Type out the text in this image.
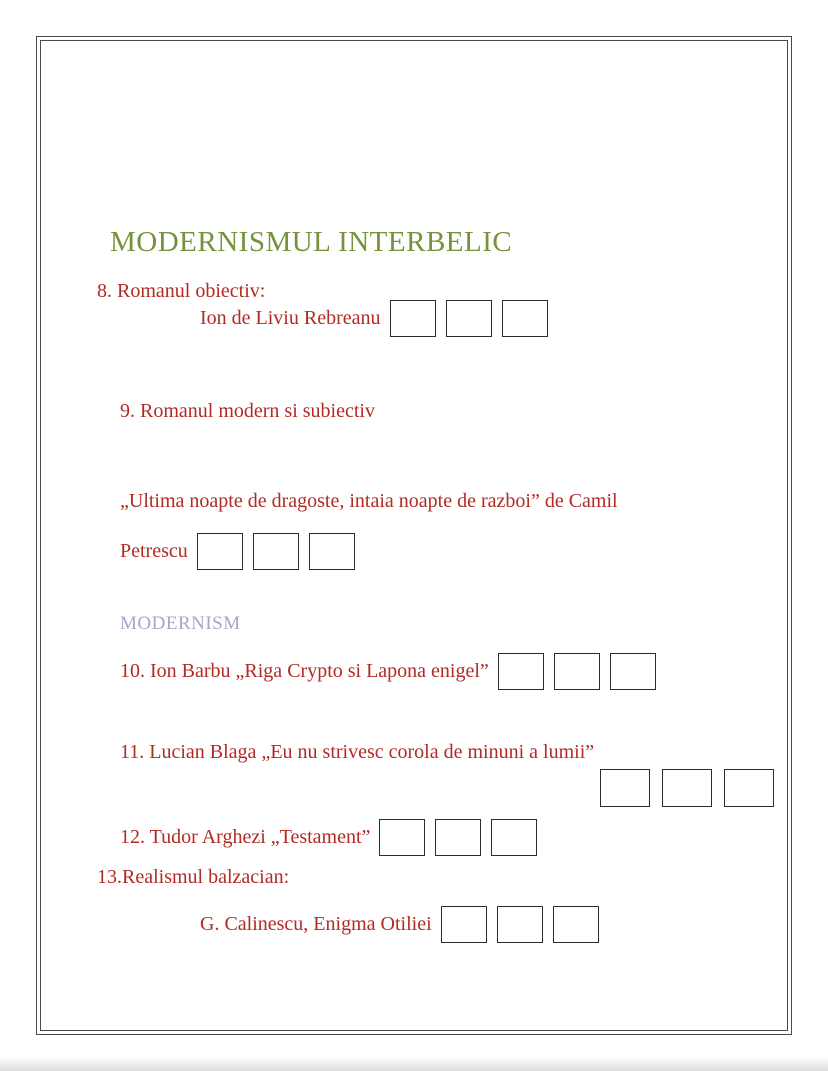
MODERNISMUL INTERBELIC
8. Romanul obiectiv:
Ion de Liviu Rebreanu
9. Romanul modern si subiectiv
„Ultima noapte de dragoste, intaia noapte de razboi” de Camil
Petrescu
MODERNISM
10. Ion Barbu „Riga Crypto si Lapona enigel”
11. Lucian Blaga „Eu nu strivesc corola de minuni a lumii”
12. Tudor Arghezi „Testament”
13.Realismul balzacian:
G. Calinescu, Enigma Otiliei
